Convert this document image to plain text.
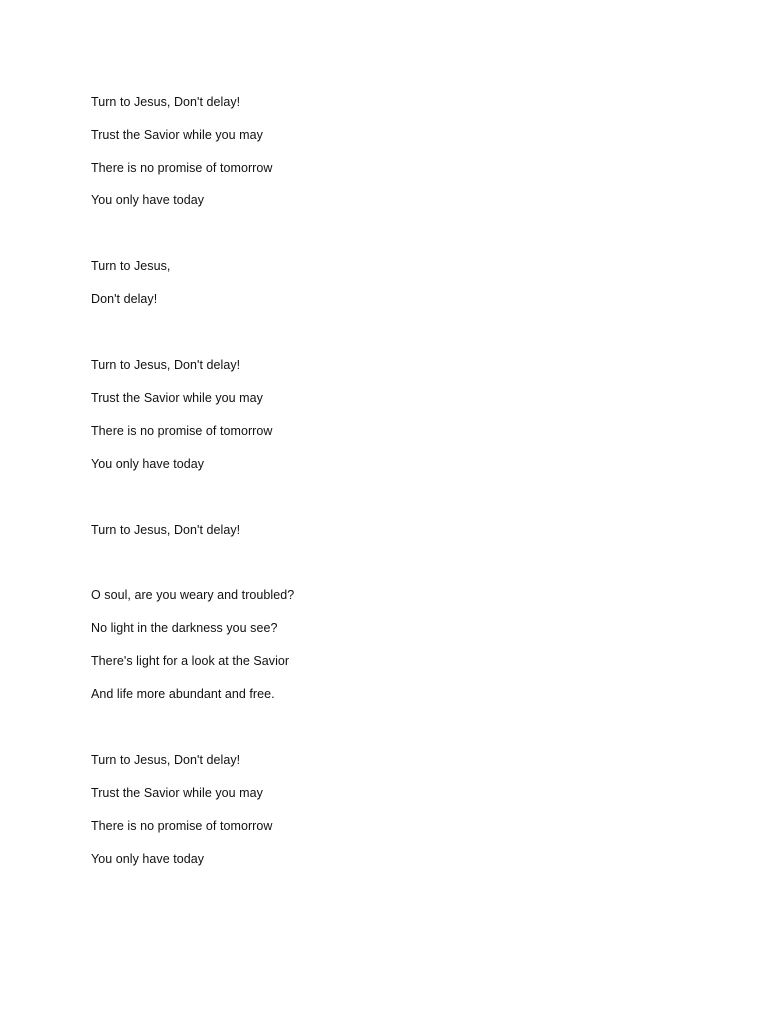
Turn to Jesus, Don't delay!
Trust the Savior while you may
There is no promise of tomorrow
You only have today
Turn to Jesus,
Don't delay!
Turn to Jesus, Don't delay!
Trust the Savior while you may
There is no promise of tomorrow
You only have today
Turn to Jesus, Don't delay!
O soul, are you weary and troubled?
No light in the darkness you see?
There's light for a look at the Savior
And life more abundant and free.
Turn to Jesus, Don't delay!
Trust the Savior while you may
There is no promise of tomorrow
You only have today
